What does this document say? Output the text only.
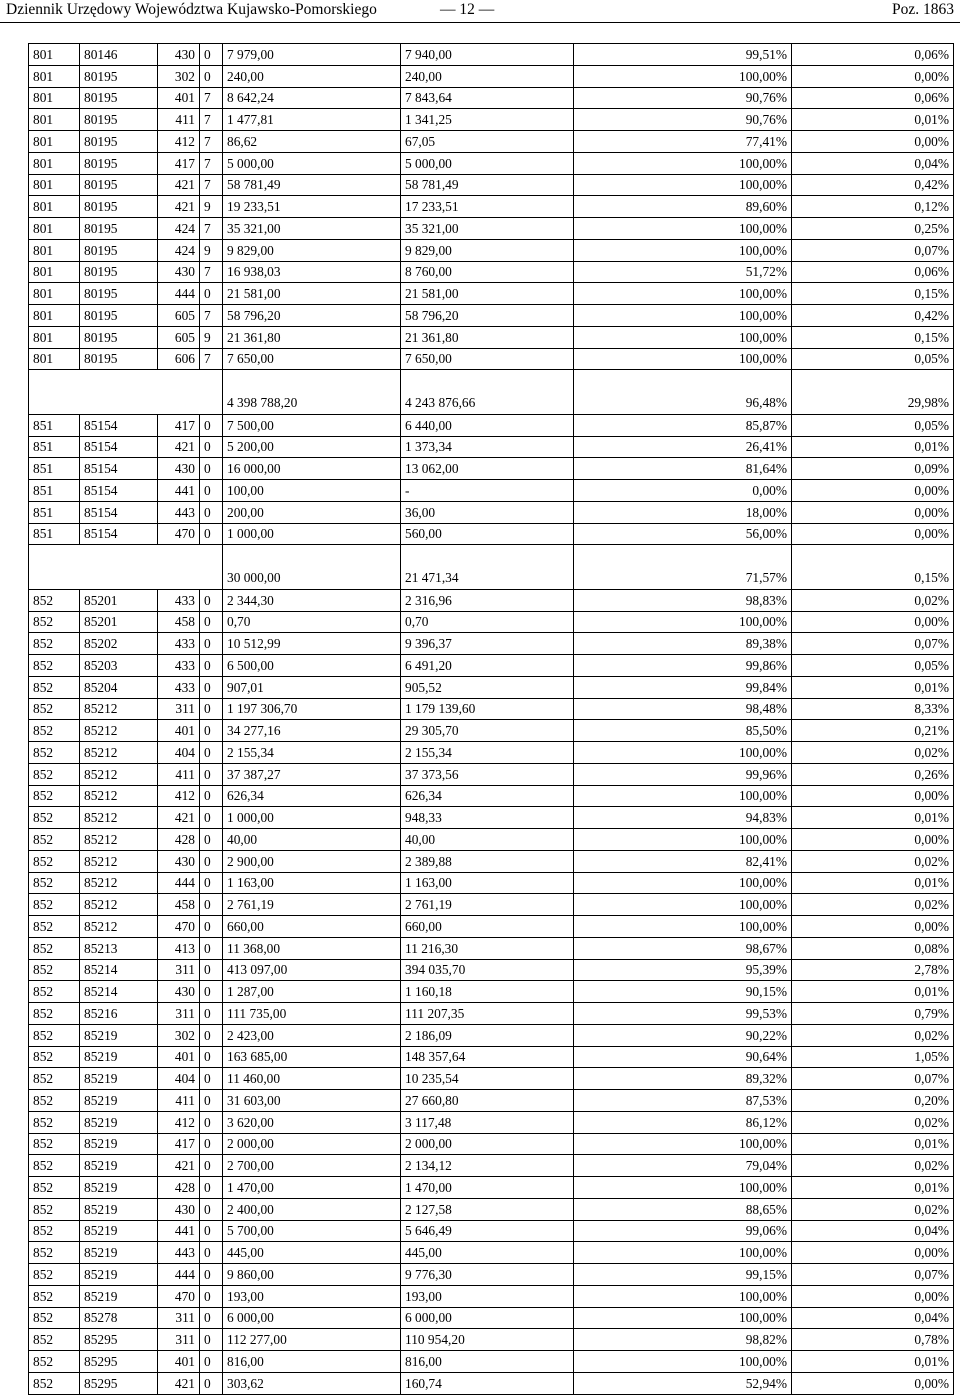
Dziennik Urzędowy Województwa Kujawsko-Pomorskiego	— 12 —	Poz. 1863
801	80146	430	0	7 979,00	7 940,00	99,51%	0,06%
801	80195	302	0	240,00	240,00	100,00%	0,00%
801	80195	401	7	8 642,24	7 843,64	90,76%	0,06%
801	80195	411	7	1 477,81	1 341,25	90,76%	0,01%
801	80195	412	7	86,62	67,05	77,41%	0,00%
801	80195	417	7	5 000,00	5 000,00	100,00%	0,04%
801	80195	421	7	58 781,49	58 781,49	100,00%	0,42%
801	80195	421	9	19 233,51	17 233,51	89,60%	0,12%
801	80195	424	7	35 321,00	35 321,00	100,00%	0,25%
801	80195	424	9	9 829,00	9 829,00	100,00%	0,07%
801	80195	430	7	16 938,03	8 760,00	51,72%	0,06%
801	80195	444	0	21 581,00	21 581,00	100,00%	0,15%
801	80195	605	7	58 796,20	58 796,20	100,00%	0,42%
801	80195	605	9	21 361,80	21 361,80	100,00%	0,15%
801	80195	606	7	7 650,00	7 650,00	100,00%	0,05%
				4 398 788,20	4 243 876,66	96,48%	29,98%
851	85154	417	0	7 500,00	6 440,00	85,87%	0,05%
851	85154	421	0	5 200,00	1 373,34	26,41%	0,01%
851	85154	430	0	16 000,00	13 062,00	81,64%	0,09%
851	85154	441	0	100,00	-	0,00%	0,00%
851	85154	443	0	200,00	36,00	18,00%	0,00%
851	85154	470	0	1 000,00	560,00	56,00%	0,00%
				30 000,00	21 471,34	71,57%	0,15%
852	85201	433	0	2 344,30	2 316,96	98,83%	0,02%
852	85201	458	0	0,70	0,70	100,00%	0,00%
852	85202	433	0	10 512,99	9 396,37	89,38%	0,07%
852	85203	433	0	6 500,00	6 491,20	99,86%	0,05%
852	85204	433	0	907,01	905,52	99,84%	0,01%
852	85212	311	0	1 197 306,70	1 179 139,60	98,48%	8,33%
852	85212	401	0	34 277,16	29 305,70	85,50%	0,21%
852	85212	404	0	2 155,34	2 155,34	100,00%	0,02%
852	85212	411	0	37 387,27	37 373,56	99,96%	0,26%
852	85212	412	0	626,34	626,34	100,00%	0,00%
852	85212	421	0	1 000,00	948,33	94,83%	0,01%
852	85212	428	0	40,00	40,00	100,00%	0,00%
852	85212	430	0	2 900,00	2 389,88	82,41%	0,02%
852	85212	444	0	1 163,00	1 163,00	100,00%	0,01%
852	85212	458	0	2 761,19	2 761,19	100,00%	0,02%
852	85212	470	0	660,00	660,00	100,00%	0,00%
852	85213	413	0	11 368,00	11 216,30	98,67%	0,08%
852	85214	311	0	413 097,00	394 035,70	95,39%	2,78%
852	85214	430	0	1 287,00	1 160,18	90,15%	0,01%
852	85216	311	0	111 735,00	111 207,35	99,53%	0,79%
852	85219	302	0	2 423,00	2 186,09	90,22%	0,02%
852	85219	401	0	163 685,00	148 357,64	90,64%	1,05%
852	85219	404	0	11 460,00	10 235,54	89,32%	0,07%
852	85219	411	0	31 603,00	27 660,80	87,53%	0,20%
852	85219	412	0	3 620,00	3 117,48	86,12%	0,02%
852	85219	417	0	2 000,00	2 000,00	100,00%	0,01%
852	85219	421	0	2 700,00	2 134,12	79,04%	0,02%
852	85219	428	0	1 470,00	1 470,00	100,00%	0,01%
852	85219	430	0	2 400,00	2 127,58	88,65%	0,02%
852	85219	441	0	5 700,00	5 646,49	99,06%	0,04%
852	85219	443	0	445,00	445,00	100,00%	0,00%
852	85219	444	0	9 860,00	9 776,30	99,15%	0,07%
852	85219	470	0	193,00	193,00	100,00%	0,00%
852	85278	311	0	6 000,00	6 000,00	100,00%	0,04%
852	85295	311	0	112 277,00	110 954,20	98,82%	0,78%
852	85295	401	0	816,00	816,00	100,00%	0,01%
852	85295	421	0	303,62	160,74	52,94%	0,00%
